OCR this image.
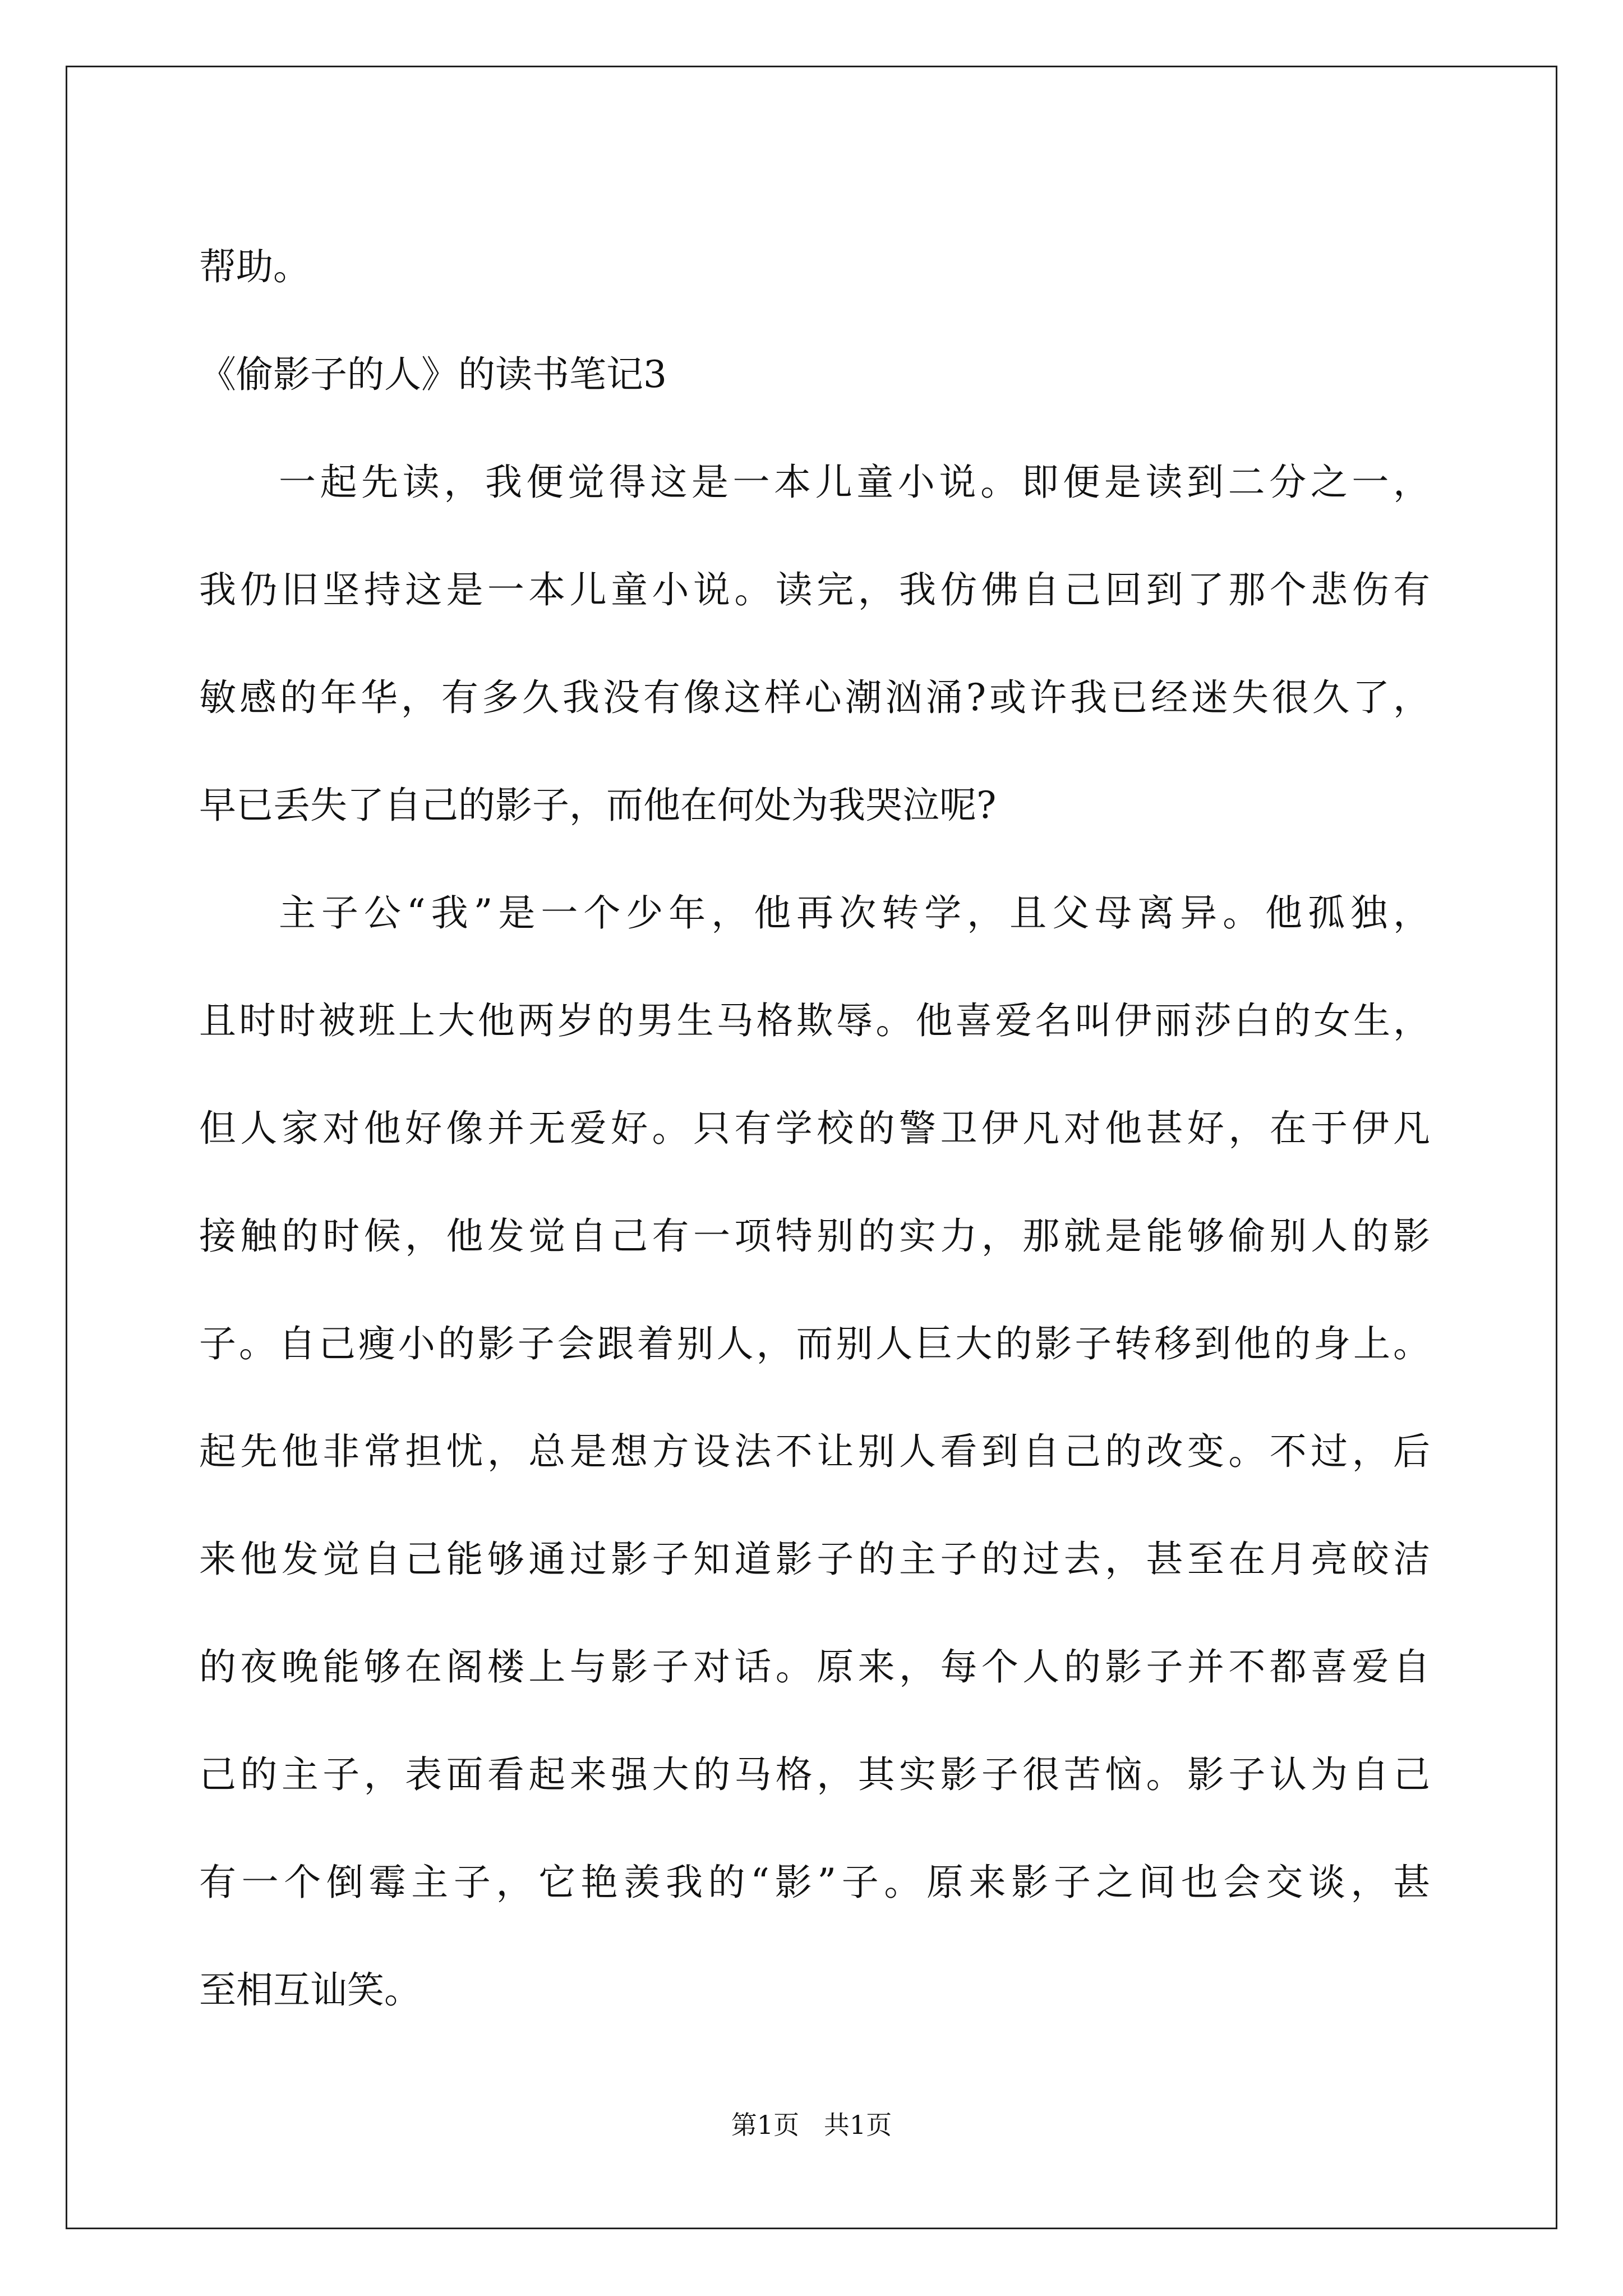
帮助。
《偷影子的人》的读书笔记3
一起先读，我便觉得这是一本儿童小说。即便是读到二分之一，
我仍旧坚持这是一本儿童小说。读完，我仿佛自己回到了那个悲伤有
敏感的年华，有多久我没有像这样心潮汹涌?或许我已经迷失很久了，
早已丢失了自己的影子，而他在何处为我哭泣呢?
主子公“我”是一个少年，他再次转学，且父母离异。他孤独，
且时时被班上大他两岁的男生马格欺辱。他喜爱名叫伊丽莎白的女生，
但人家对他好像并无爱好。只有学校的警卫伊凡对他甚好，在于伊凡
接触的时候，他发觉自己有一项特别的实力，那就是能够偷别人的影
子。自己瘦小的影子会跟着别人，而别人巨大的影子转移到他的身上。
起先他非常担忧，总是想方设法不让别人看到自己的改变。不过，后
来他发觉自己能够通过影子知道影子的主子的过去，甚至在月亮皎洁
的夜晚能够在阁楼上与影子对话。原来，每个人的影子并不都喜爱自
己的主子，表面看起来强大的马格，其实影子很苦恼。影子认为自己
有一个倒霉主子，它艳羡我的“影”子。原来影子之间也会交谈，甚
至相互讪笑。
第1页   共1页
